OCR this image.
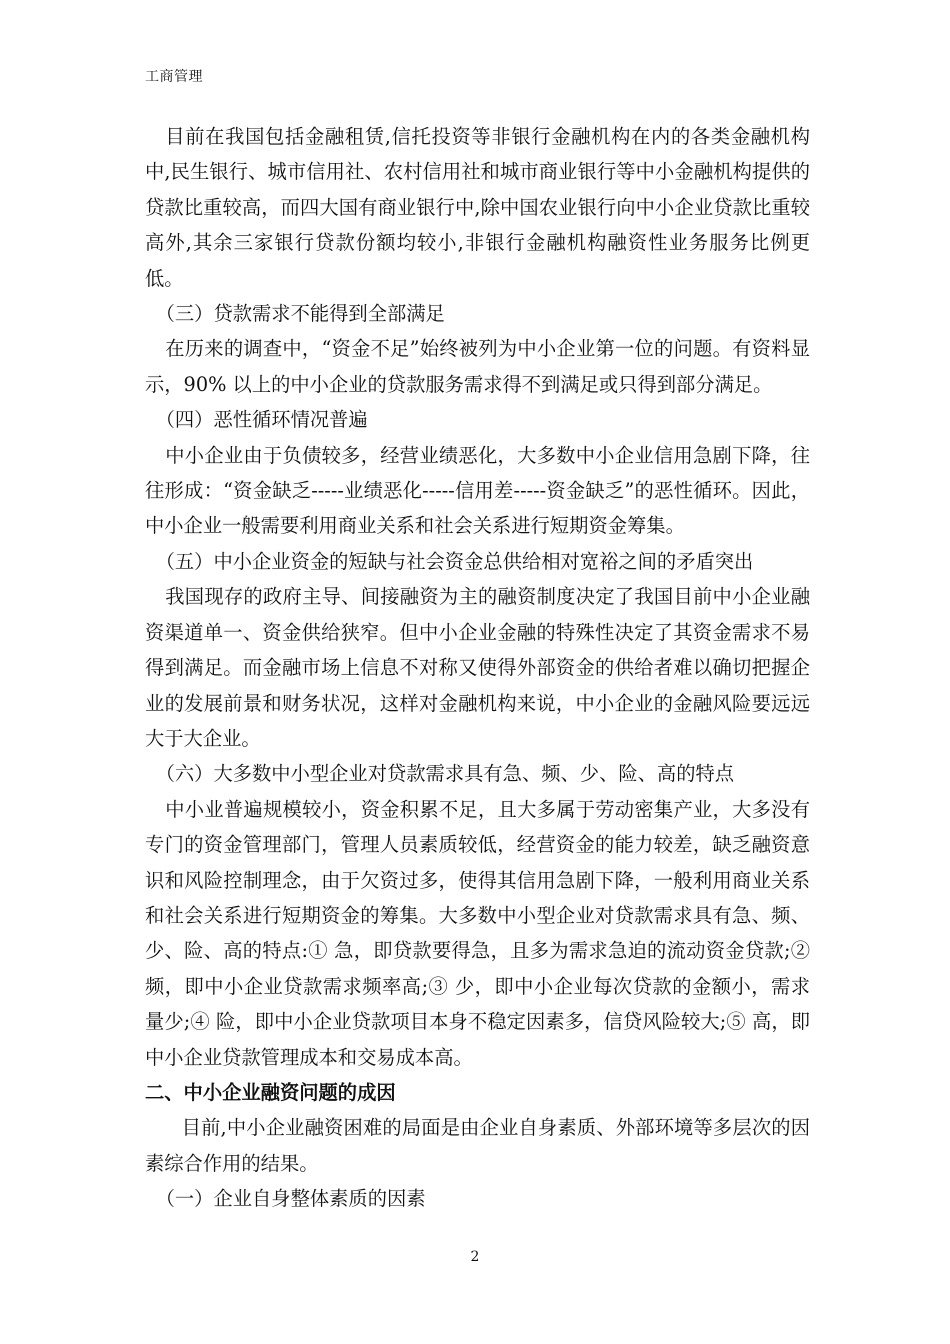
工商管理

目前在我国包括金融租赁,信托投资等非银行金融机构在内的各类金融机构中,民生银行、城市信用社、农村信用社和城市商业银行等中小金融机构提供的贷款比重较高，而四大国有商业银行中,除中国农业银行向中小企业贷款比重较高外,其余三家银行贷款份额均较小,非银行金融机构融资性业务服务比例更低。

（三）贷款需求不能得到全部满足

在历来的调查中，“资金不足”始终被列为中小企业第一位的问题。有资料显示，90% 以上的中小企业的贷款服务需求得不到满足或只得到部分满足。

（四）恶性循环情况普遍

中小企业由于负债较多，经营业绩恶化，大多数中小企业信用急剧下降，往往形成：“资金缺乏-----业绩恶化-----信用差-----资金缺乏”的恶性循环。因此，中小企业一般需要利用商业关系和社会关系进行短期资金筹集。

（五）中小企业资金的短缺与社会资金总供给相对宽裕之间的矛盾突出

我国现存的政府主导、间接融资为主的融资制度决定了我国目前中小企业融资渠道单一、资金供给狭窄。但中小企业金融的特殊性决定了其资金需求不易得到满足。而金融市场上信息不对称又使得外部资金的供给者难以确切把握企业的发展前景和财务状况，这样对金融机构来说，中小企业的金融风险要远远大于大企业。

（六）大多数中小型企业对贷款需求具有急、频、少、险、高的特点

中小业普遍规模较小，资金积累不足，且大多属于劳动密集产业，大多没有专门的资金管理部门，管理人员素质较低，经营资金的能力较差，缺乏融资意识和风险控制理念，由于欠资过多，使得其信用急剧下降，一般利用商业关系和社会关系进行短期资金的筹集。大多数中小型企业对贷款需求具有急、频、少、险、高的特点:① 急，即贷款要得急，且多为需求急迫的流动资金贷款;② 频，即中小企业贷款需求频率高;③ 少，即中小企业每次贷款的金额小，需求量少;④ 险，即中小企业贷款项目本身不稳定因素多，信贷风险较大;⑤ 高，即中小企业贷款管理成本和交易成本高。

二、中小企业融资问题的成因

目前,中小企业融资困难的局面是由企业自身素质、外部环境等多层次的因素综合作用的结果。

（一）企业自身整体素质的因素

2
